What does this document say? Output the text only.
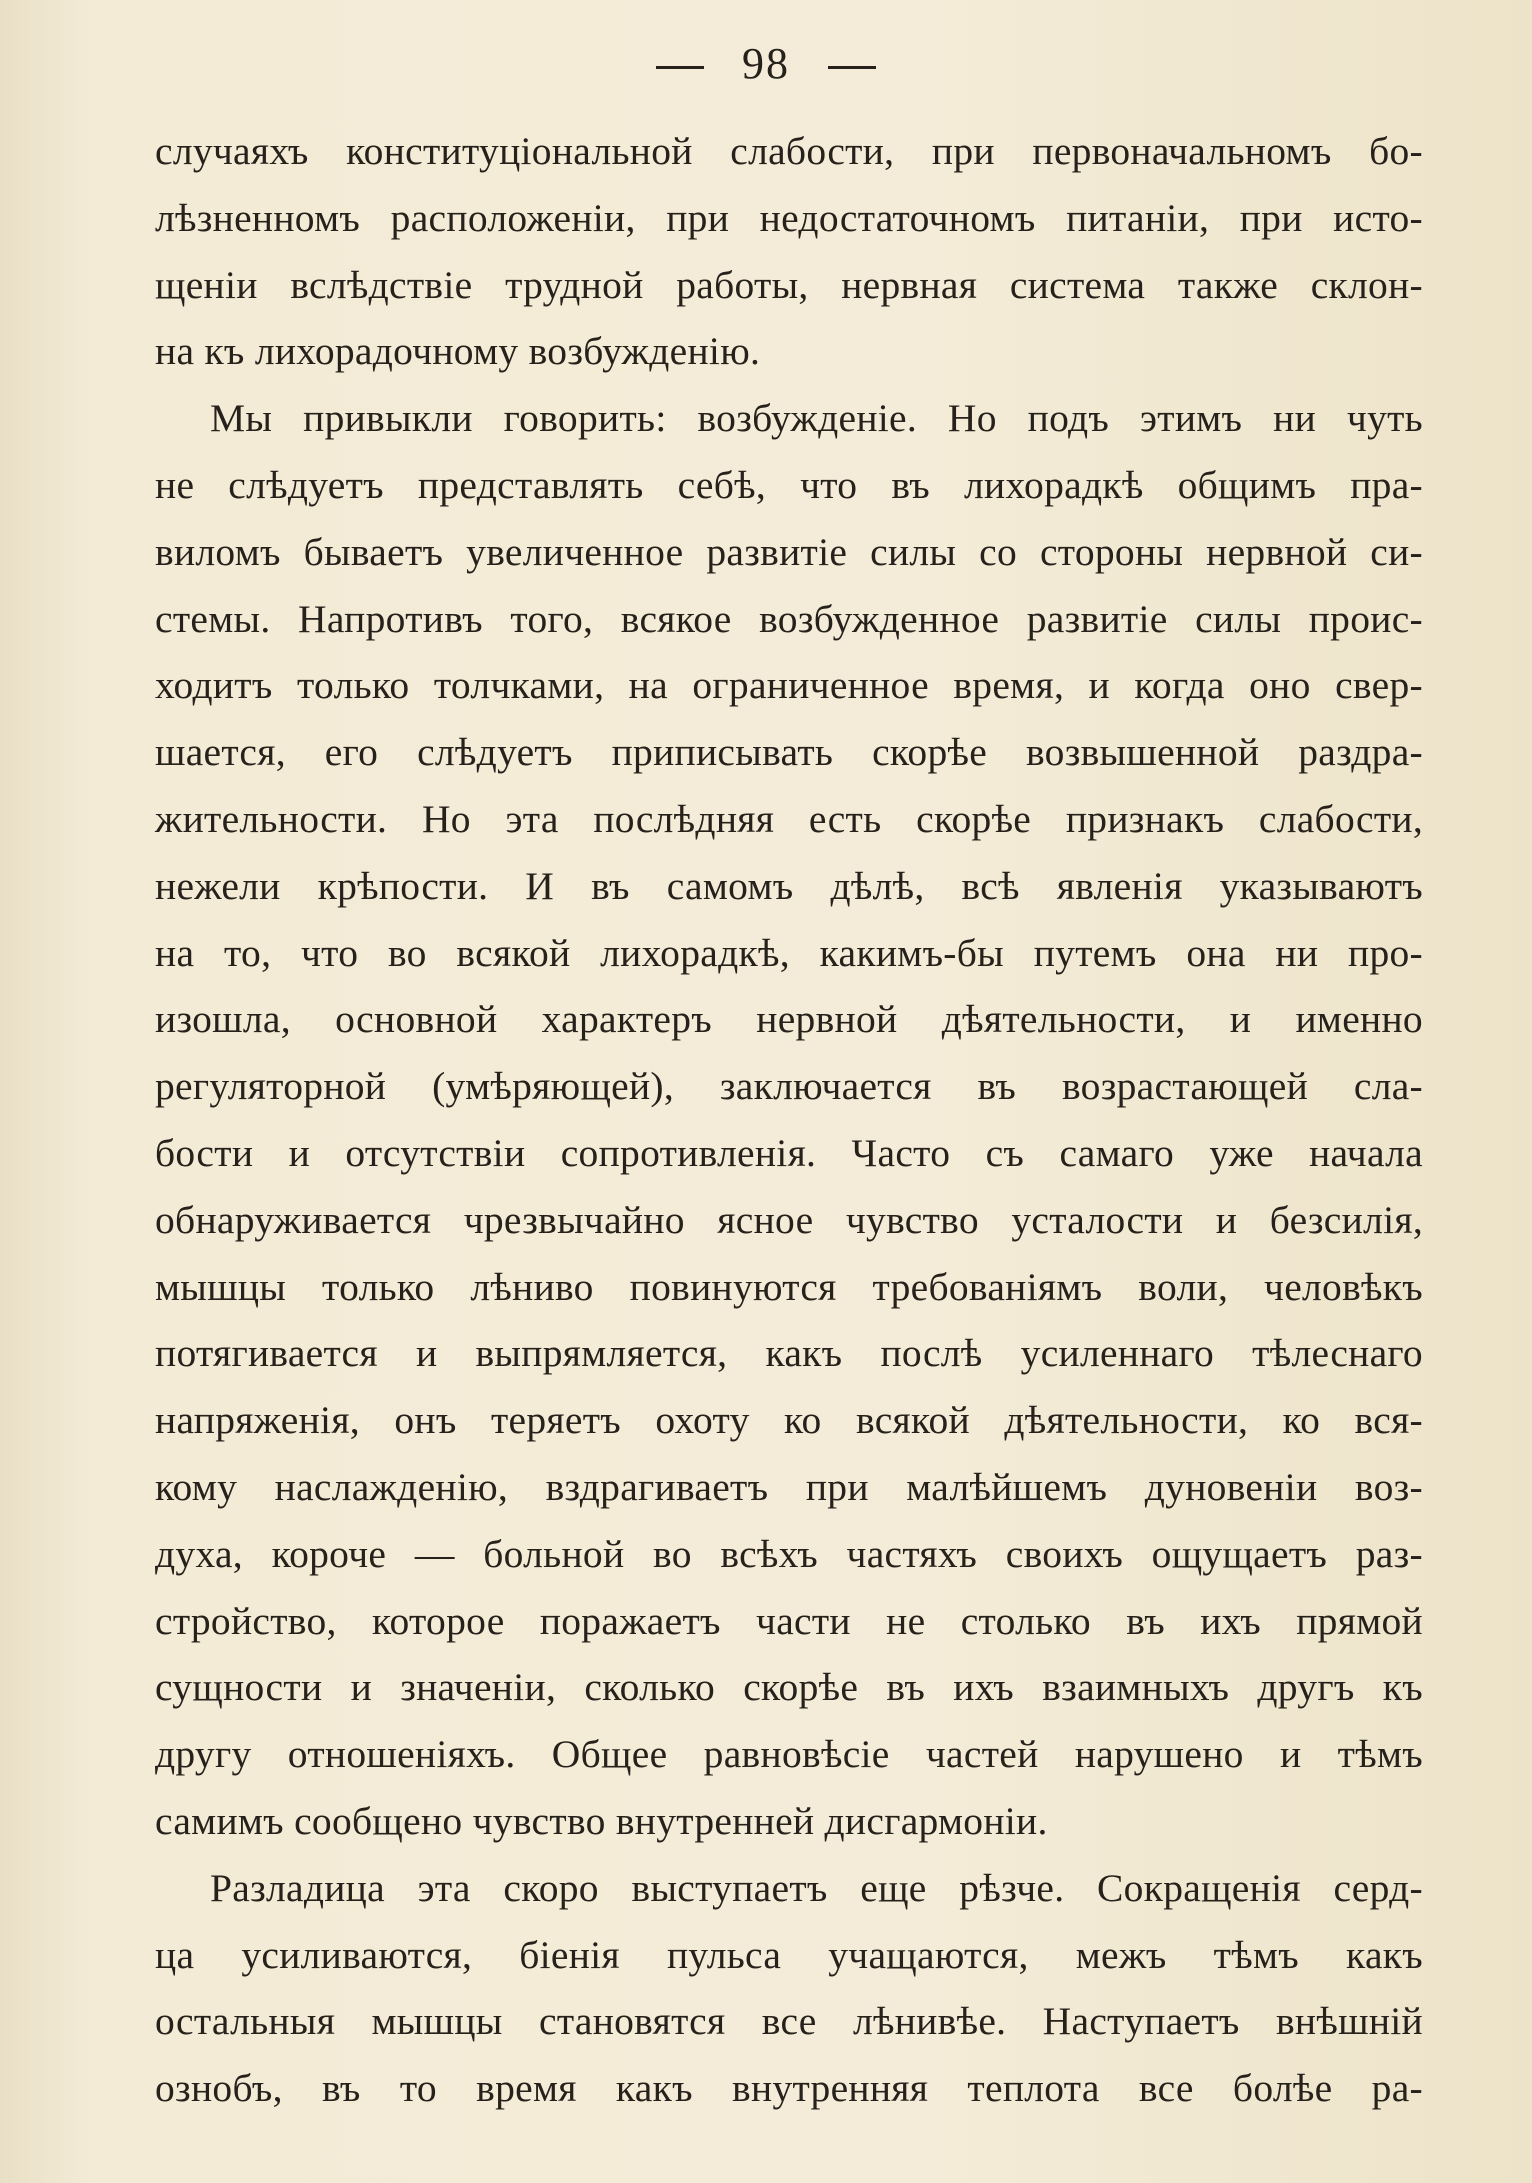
98
случаяхъ конституціональной слабости, при первоначальномъ бо-
лѣзненномъ расположеніи, при недостаточномъ питаніи, при исто-
щеніи вслѣдствіе трудной работы, нервная система также склон-
на къ лихорадочному возбужденію.
Мы привыкли говорить: возбужденіе. Но подъ этимъ ни чуть
не слѣдуетъ представлять себѣ, что въ лихорадкѣ общимъ пра-
виломъ бываетъ увеличенное развитіе силы со стороны нервной си-
стемы. Напротивъ того, всякое возбужденное развитіе силы проис-
ходитъ только толчками, на ограниченное время, и когда оно свер-
шается, его слѣдуетъ приписывать скорѣе возвышенной раздра-
жительности. Но эта послѣдняя есть скорѣе признакъ слабости,
нежели крѣпости. И въ самомъ дѣлѣ, всѣ явленія указываютъ
на то, что во всякой лихорадкѣ, какимъ-бы путемъ она ни про-
изошла, основной характеръ нервной дѣятельности, и именно
регуляторной (умѣряющей), заключается въ возрастающей сла-
бости и отсутствіи сопротивленія. Часто съ самаго уже начала
обнаруживается чрезвычайно ясное чувство усталости и безсилія,
мышцы только лѣниво повинуются требованіямъ воли, человѣкъ
потягивается и выпрямляется, какъ послѣ усиленнаго тѣлеснаго
напряженія, онъ теряетъ охоту ко всякой дѣятельности, ко вся-
кому наслажденію, вздрагиваетъ при малѣйшемъ дуновеніи воз-
духа, короче — больной во всѣхъ частяхъ своихъ ощущаетъ раз-
стройство, которое поражаетъ части не столько въ ихъ прямой
сущности и значеніи, сколько скорѣе въ ихъ взаимныхъ другъ къ
другу отношеніяхъ. Общее равновѣсіе частей нарушено и тѣмъ
самимъ сообщено чувство внутренней дисгармоніи.
Разладица эта скоро выступаетъ еще рѣзче. Сокращенія серд-
ца усиливаются, біенія пульса учащаются, межъ тѣмъ какъ
остальныя мышцы становятся все лѣнивѣе. Наступаетъ внѣшній
ознобъ, въ то время какъ внутренняя теплота все болѣе ра-
